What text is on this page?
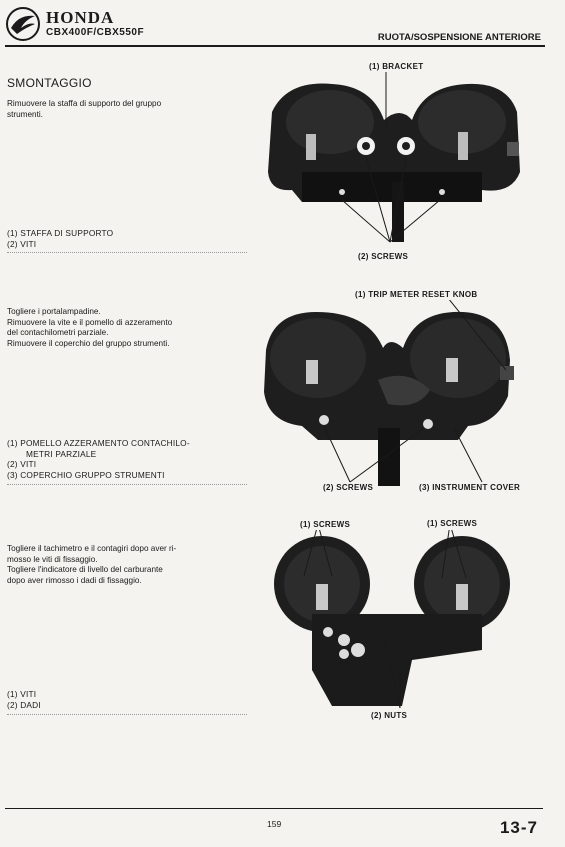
HONDA
CBX400F/CBX550F	RUOTA/SOSPENSIONE ANTERIORE
SMONTAGGIO

Rimuovere la staffa di supporto del gruppo

strumenti.

(1) STAFFA DI SUPPORTO
(2) VITI

Togliere i portalampadine.

Rimuovere la vite e il pomello di azzeramento

del contachilometri parziale.

Rimuovere il coperchio del gruppo strumenti.

(1) POMELLO AZZERAMENTO CONTACHILO-
METRI PARZIALE
(2) VITI
(3) COPERCHIO GRUPPO STRUMENTI

Togliere il tachimetro e il contagiri dopo aver ri-

mosso le viti di fissaggio.

Togliere l'indicatore di livello del carburante

dopo aver rimosso i dadi di fissaggio.

(1) VITI
(2) DADI
(1) BRACKET
(2) SCREWS
(1) TRIP METER RESET KNOB
(2) SCREWS	(3) INSTRUMENT COVER
(1) SCREWS	(1) SCREWS
(2) NUTS
159	13-7
